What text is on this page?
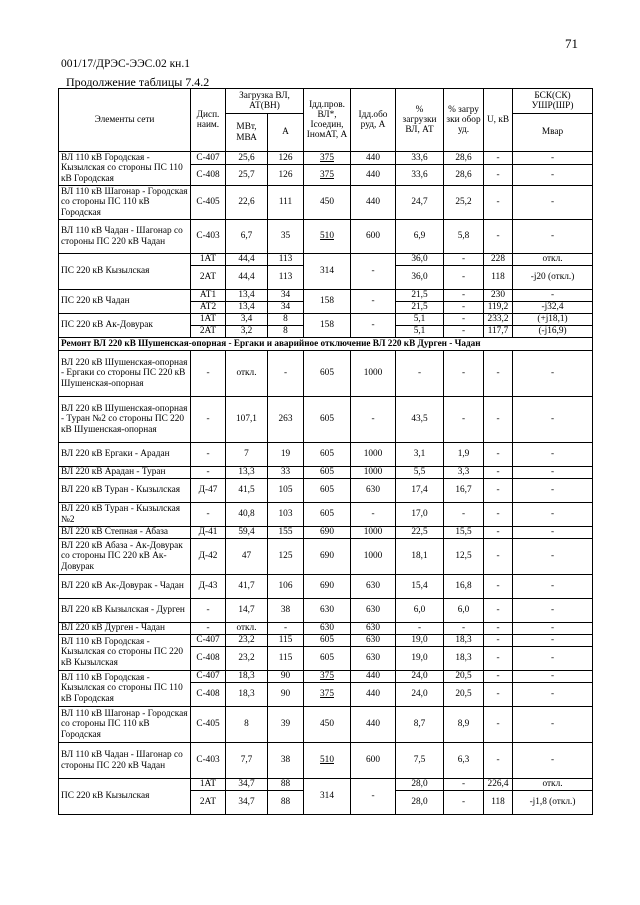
71
001/17/ДРЭС-ЭЭС.02 кн.1
Продолжение таблицы 7.4.2
Элементы сети	Дисп. наим.	Загрузка ВЛ, АТ(ВН)		Iдд.пров. ВЛ*, Iсоедин, IномАТ, А	Iдд.обо руд, А	% загрузки ВЛ, АТ	% загру зки обор уд.	U, кВ	БСК(СК) УШР(ШР)
		МВт, МВА	А						Мвар
ВЛ 110 кВ Городская - Кызылская со стороны ПС 110 кВ Городская	С-407	25,6	126	375	440	33,6	28,6	-	-
	С-408	25,7	126	375	440	33,6	28,6	-	-
ВЛ 110 кВ Шагонар - Городская со стороны ПС 110 кВ Городская	С-405	22,6	111	450	440	24,7	25,2	-	-
ВЛ 110 кВ Чадан - Шагонар со стороны ПС 220 кВ Чадан	С-403	6,7	35	510	600	6,9	5,8	-	-
ПС 220 кВ Кызылская	1АТ	44,4	113	314	-	36,0	-	228	откл.
	2АТ	44,4	113			36,0	-	118	-j20 (откл.)
ПС 220 кВ Чадан	АТ1	13,4	34	158	-	21,5	-	230	-
	АТ2	13,4	34			21,5	-	119,2	-j32,4
ПС 220 кВ Ак-Довурак	1АТ	3,4	8	158	-	5,1	-	233,2	(+j18,1)
	2АТ	3,2	8			5,1	-	117,7	(-j16,9)
Ремонт ВЛ 220 кВ Шушенская-опорная - Ергаки и аварийное отключение ВЛ 220 кВ Дурген - Чадан									
ВЛ 220 кВ Шушенская-опорная - Ергаки со стороны ПС 220 кВ Шушенская-опорная	-	откл.	-	605	1000	-	-	-	-
ВЛ 220 кВ Шушенская-опорная - Туран №2 со стороны ПС 220 кВ Шушенская-опорная	-	107,1	263	605	-	43,5	-	-	-
ВЛ 220 кВ Ергаки - Арадан	-	7	19	605	1000	3,1	1,9	-	-
ВЛ 220 кВ Арадан - Туран	-	13,3	33	605	1000	5,5	3,3	-	-
ВЛ 220 кВ Туран - Кызылская	Д-47	41,5	105	605	630	17,4	16,7	-	-
ВЛ 220 кВ Туран - Кызылская №2	-	40,8	103	605	-	17,0	-	-	-
ВЛ 220 кВ Степная - Абаза	Д-41	59,4	155	690	1000	22,5	15,5	-	-
ВЛ 220 кВ Абаза - Ак-Довурак со стороны ПС 220 кВ Ак-Довурак	Д-42	47	125	690	1000	18,1	12,5	-	-
ВЛ 220 кВ Ак-Довурак - Чадан	Д-43	41,7	106	690	630	15,4	16,8	-	-
ВЛ 220 кВ Кызылская - Дурген	-	14,7	38	630	630	6,0	6,0	-	-
ВЛ 220 кВ Дурген - Чадан	-	откл.	-	630	630	-	-	-	-
ВЛ 110 кВ Городская - Кызылская со стороны ПС 220 кВ Кызылская	С-407	23,2	115	605	630	19,0	18,3	-	-
	С-408	23,2	115	605	630	19,0	18,3	-	-
ВЛ 110 кВ Городская - Кызылская со стороны ПС 110 кВ Городская	С-407	18,3	90	375	440	24,0	20,5	-	-
	С-408	18,3	90	375	440	24,0	20,5	-	-
ВЛ 110 кВ Шагонар - Городская со стороны ПС 110 кВ Городская	С-405	8	39	450	440	8,7	8,9	-	-
ВЛ 110 кВ Чадан - Шагонар со стороны ПС 220 кВ Чадан	С-403	7,7	38	510	600	7,5	6,3	-	-
ПС 220 кВ Кызылская	1АТ	34,7	88	314	-	28,0	-	226,4	откл.
	2АТ	34,7	88			28,0	-	118	-j1,8 (откл.)
